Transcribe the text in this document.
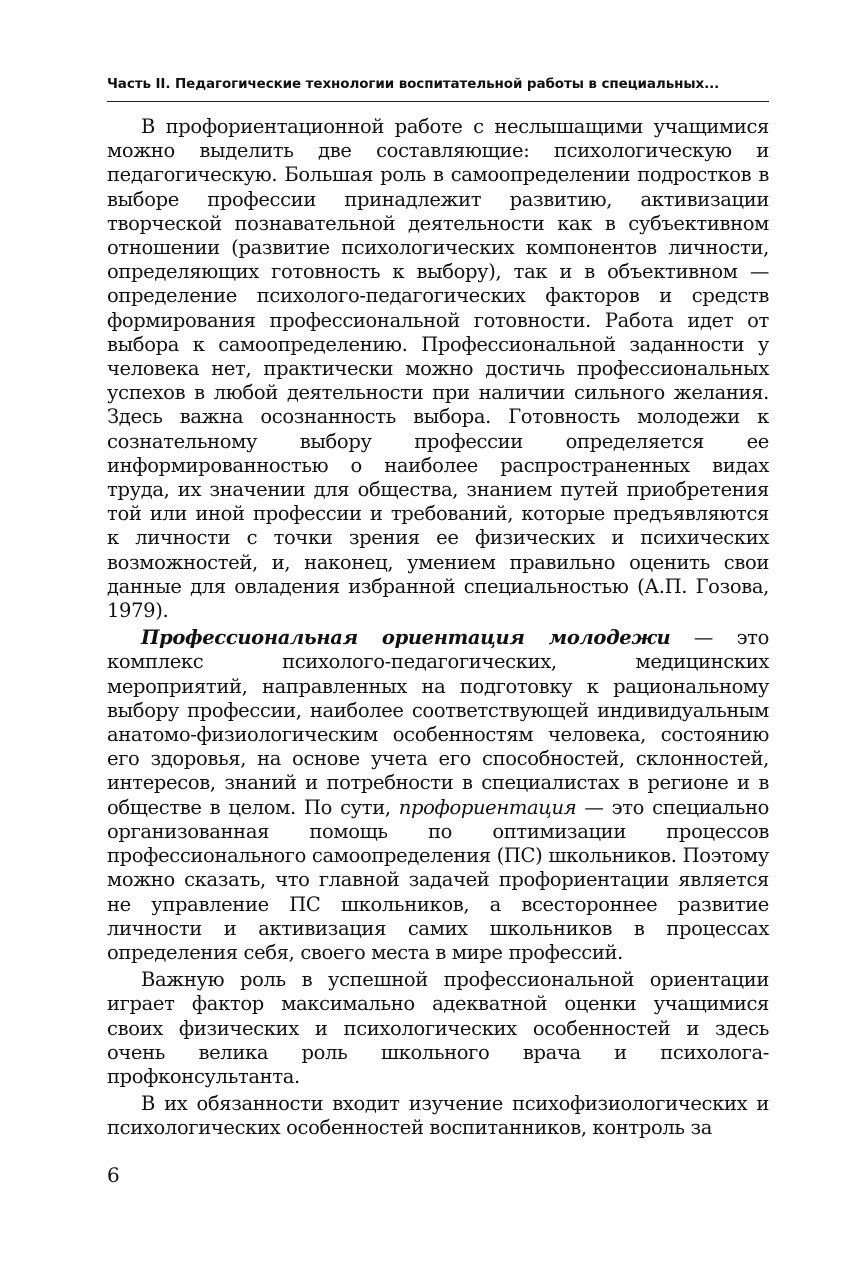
Часть II. Педагогические технологии воспитательной работы в специальных...

В профориентационной работе с неслышащими учащимися можно выделить две составляющие: психологическую и педагогическую. Большая роль в самоопределении подростков в выборе профессии принадлежит развитию, активизации творческой познавательной деятельности как в субъективном отношении (развитие психологических компонентов личности, определяющих готовность к выбору), так и в объективном — определение психолого-педагогических факторов и средств формирования профессиональной готовности. Работа идет от выбора к самоопределению. Профессиональной заданности у человека нет, практически можно достичь профессиональных успехов в любой деятельности при наличии сильного желания. Здесь важна осознанность выбора. Готовность молодежи к сознательному выбору профессии определяется ее информированностью о наиболее распространенных видах труда, их значении для общества, знанием путей приобретения той или иной профессии и требований, которые предъявляются к личности с точки зрения ее физических и психических возможностей, и, наконец, умением правильно оценить свои данные для овладения избранной специальностью (А.П. Гозова, 1979).

Профессиональная ориентация молодежи — это комплекс психолого-педагогических, медицинских мероприятий, направленных на подготовку к рациональному выбору профессии, наиболее соответствующей индивидуальным анатомо-физиологическим особенностям человека, состоянию его здоровья, на основе учета его способностей, склонностей, интересов, знаний и потребности в специалистах в регионе и в обществе в целом. По сути, профориентация — это специально организованная помощь по оптимизации процессов профессионального самоопределения (ПС) школьников. Поэтому можно сказать, что главной задачей профориентации является не управление ПС школьников, а всестороннее развитие личности и активизация самих школьников в процессах определения себя, своего места в мире профессий.

Важную роль в успешной профессиональной ориентации играет фактор максимально адекватной оценки учащимися своих физических и психологических особенностей и здесь очень велика роль школьного врача и психолога-профконсультанта.

В их обязанности входит изучение психофизиологических и психологических особенностей воспитанников, контроль за

6
